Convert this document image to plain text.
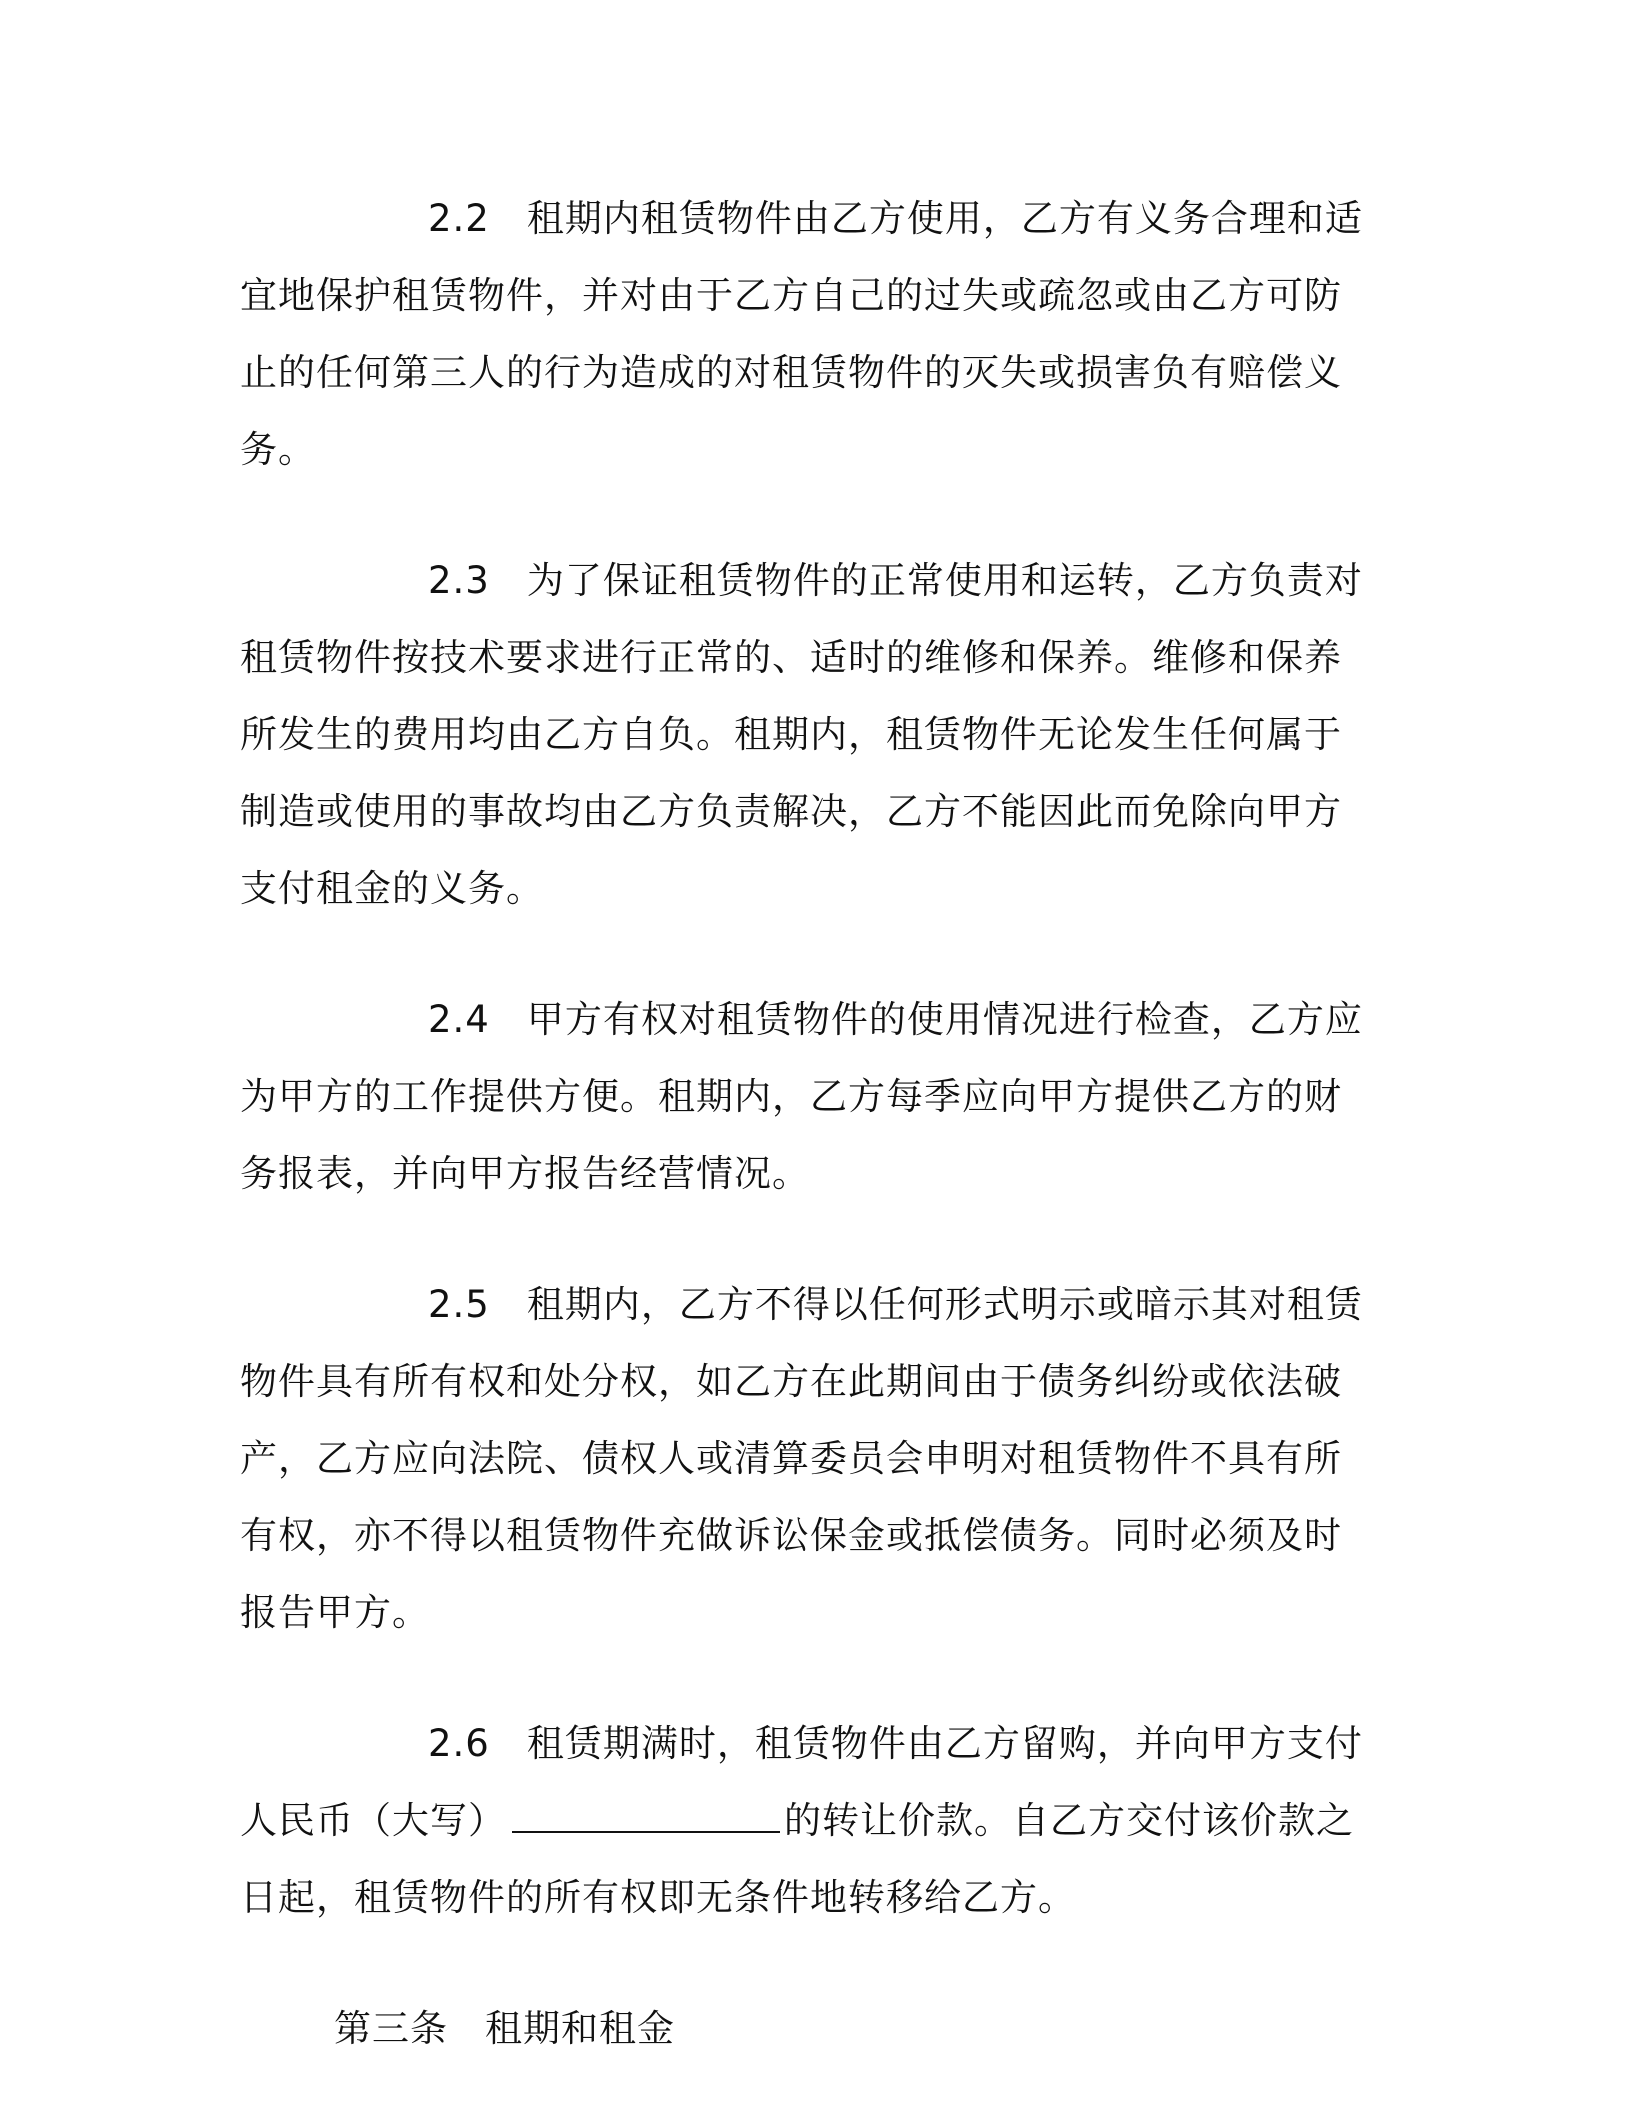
2.2 租期内租赁物件由乙方使用，乙方有义务合理和适宜地保护租赁物件，并对由于乙方自己的过失或疏忽或由乙方可防止的任何第三人的行为造成的对租赁物件的灭失或损害负有赔偿义务。

2.3 为了保证租赁物件的正常使用和运转，乙方负责对租赁物件按技术要求进行正常的、适时的维修和保养。维修和保养所发生的费用均由乙方自负。租期内，租赁物件无论发生任何属于制造或使用的事故均由乙方负责解决，乙方不能因此而免除向甲方支付租金的义务。

2.4 甲方有权对租赁物件的使用情况进行检查，乙方应为甲方的工作提供方便。租期内，乙方每季应向甲方提供乙方的财务报表，并向甲方报告经营情况。

2.5 租期内，乙方不得以任何形式明示或暗示其对租赁物件具有所有权和处分权，如乙方在此期间由于债务纠纷或依法破产，乙方应向法院、债权人或清算委员会申明对租赁物件不具有所有权，亦不得以租赁物件充做诉讼保金或抵偿债务。同时必须及时报告甲方。

2.6 租赁期满时，租赁物件由乙方留购，并向甲方支付人民币（大写）	的转让价款。自乙方交付该价款之日起，租赁物件的所有权即无条件地转移给乙方。

第三条 租期和租金
